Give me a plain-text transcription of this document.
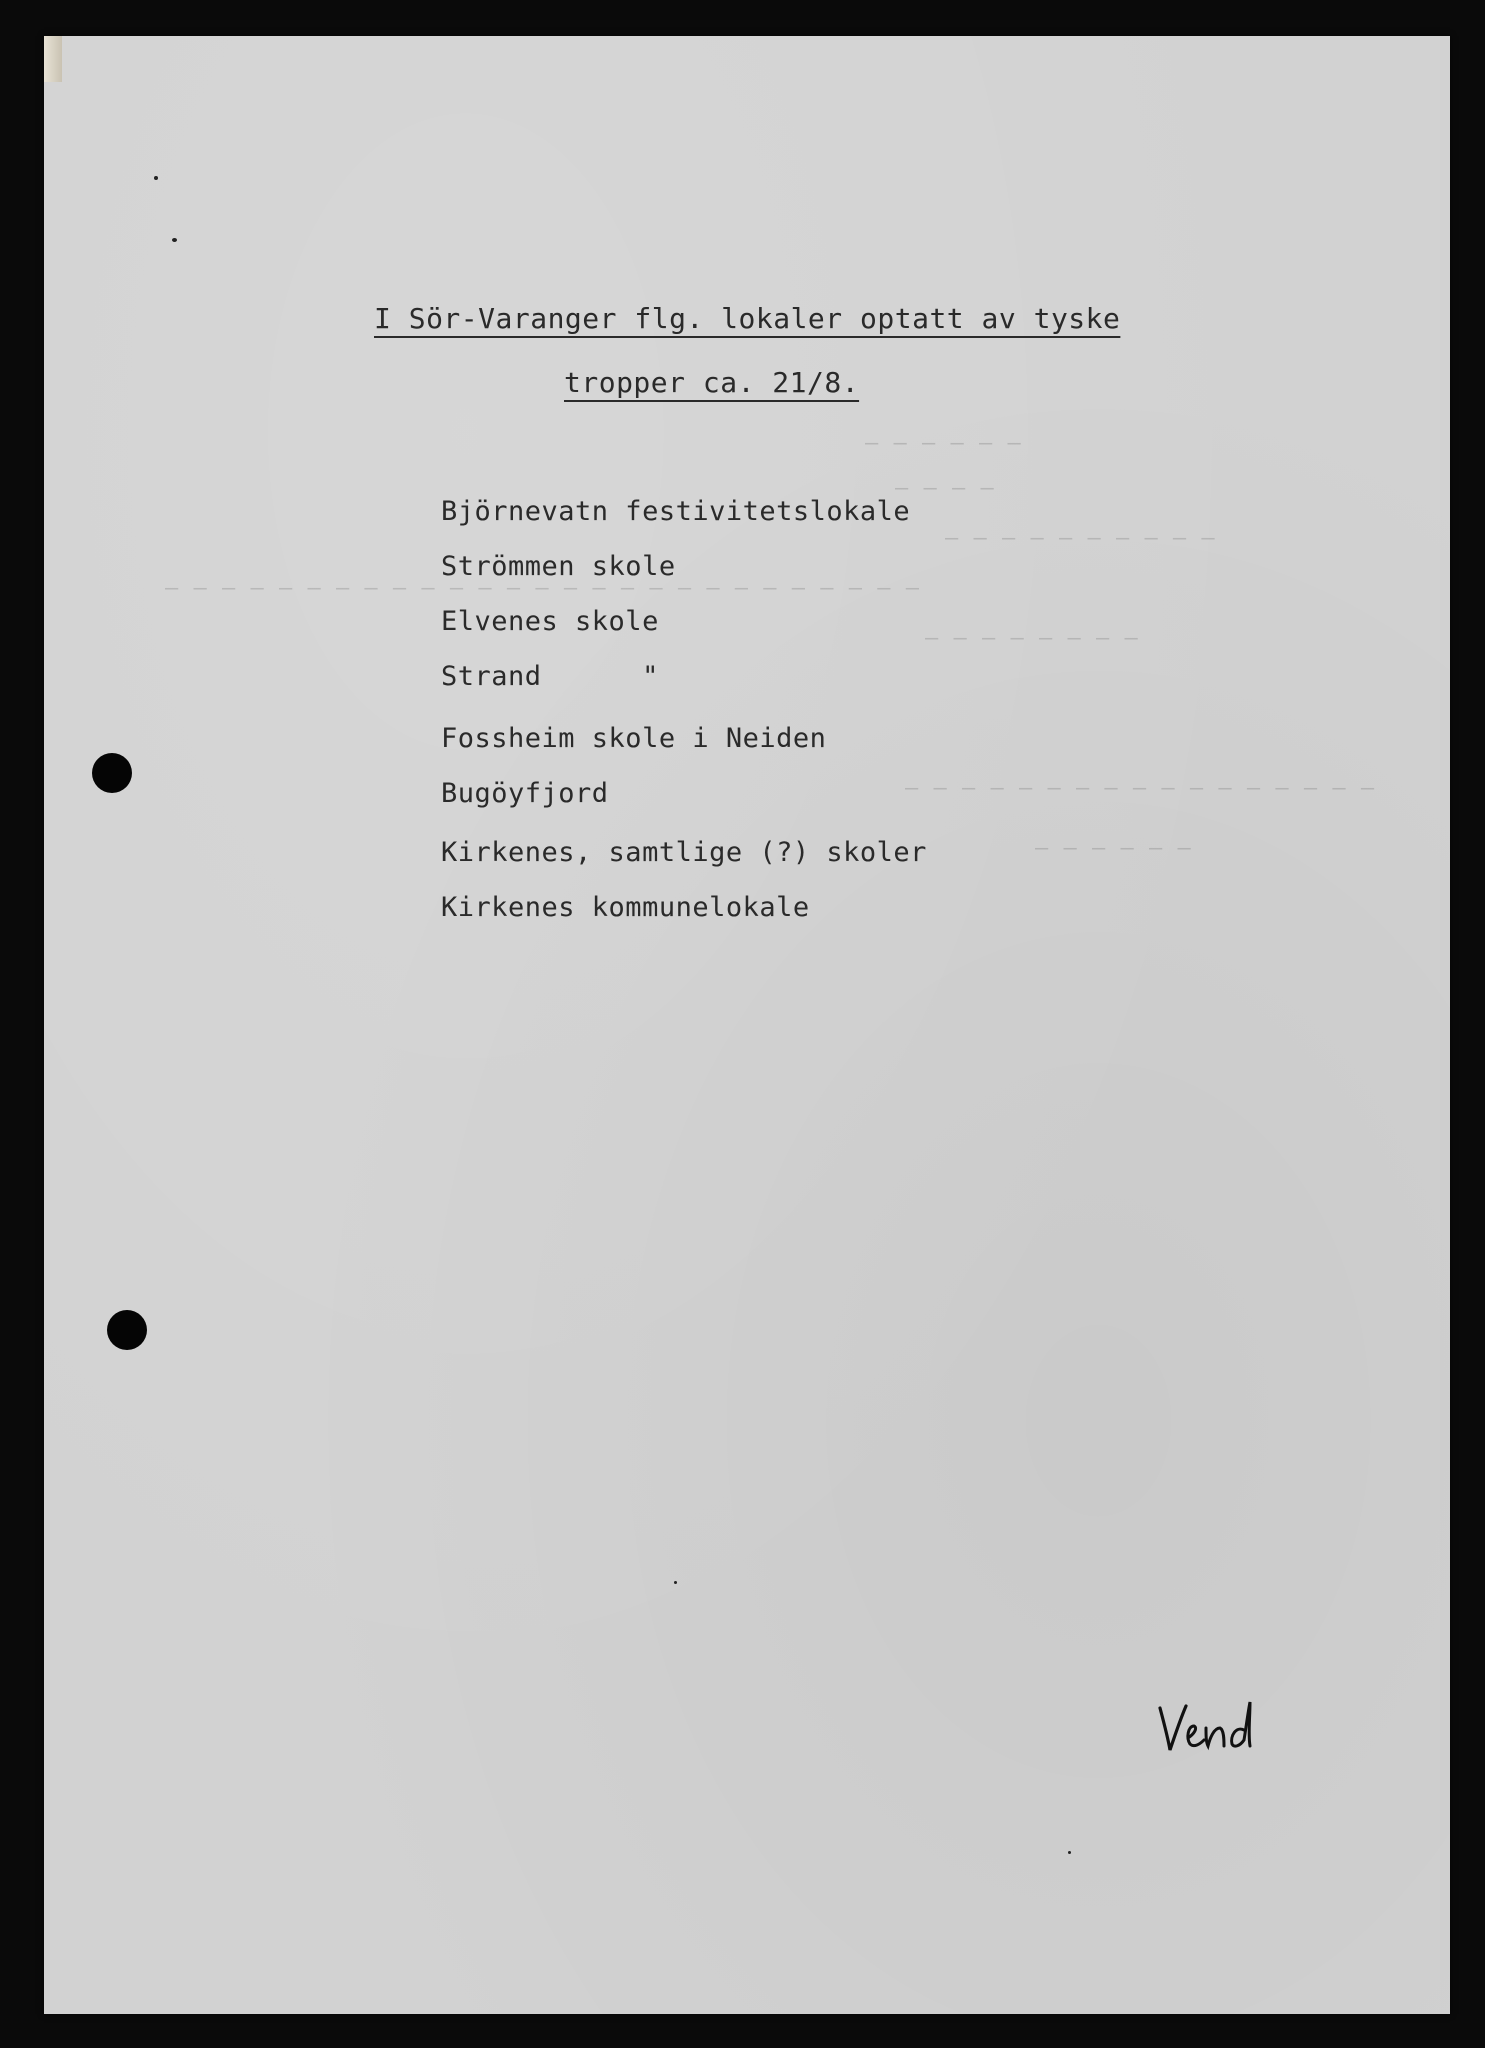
— — — — — —
— — — —
— — — — — — — — — —
— — — — — — — — — — — — — — — — — — — — — — — — — — —
— — — — — — — —
— — — — — — — — — — — — — — — — —
— — — — — —
I Sör-Varanger flg. lokaler optatt av tyske
tropper ca. 21/8.
Björnevatn festivitetslokale
Strömmen skole
Elvenes skole
Strand      "
Fossheim skole i Neiden
Bugöyfjord
Kirkenes, samtlige (?) skoler
Kirkenes kommunelokale
